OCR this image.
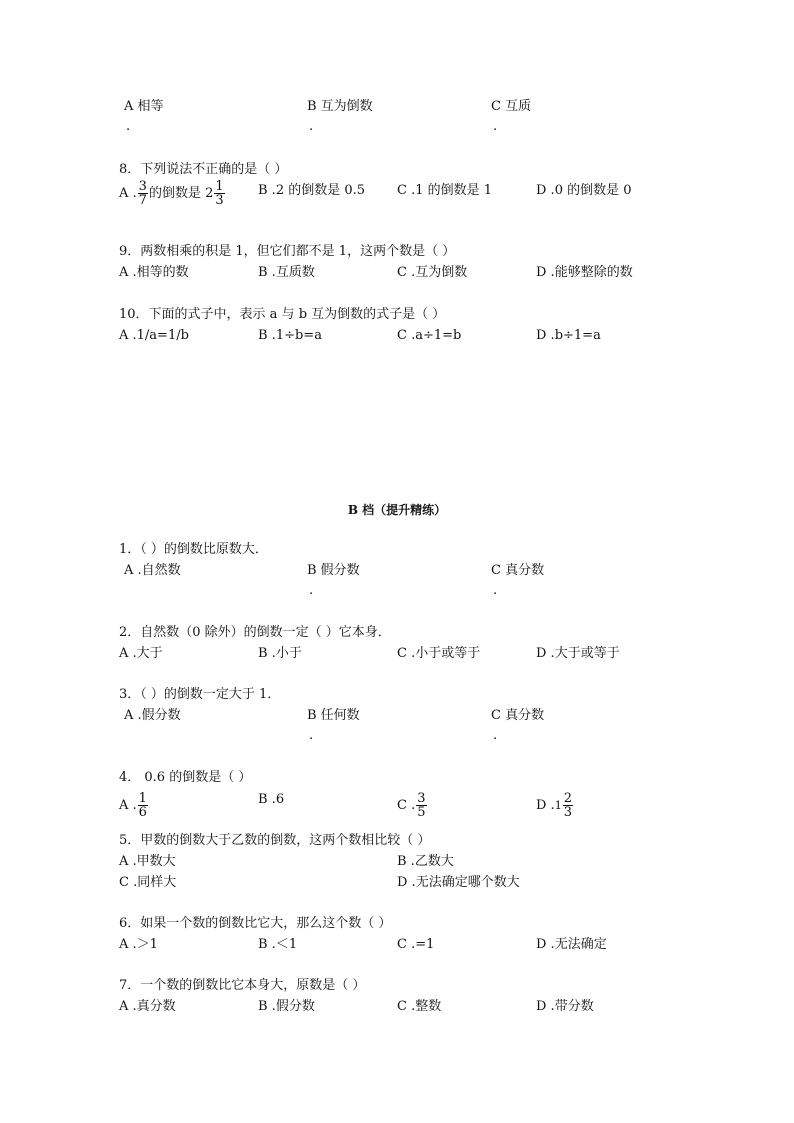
A 相等
.
B 互为倒数
.
C 互质
.
8．下列说法不正确的是（ ）
A . $\frac{3}{7}$ 的倒数是 $2 \frac{1}{3}$	B .2 的倒数是 0.5 C .1 的倒数是 1	D .0 的倒数是 0
9．两数相乘的积是 1，但它们都不是 1，这两个数是（ ）
A .相等的数	B .互质数	C .互为倒数	D .能够整除的数
10．下面的式子中，表示 a 与 b 互为倒数的式子是（ ）
A .1/a=1/b	B .1÷b=a	C .a÷1=b	D .b÷1=a
B 档（提升精练）
1．（ ）的倒数比原数大．
A .自然数	B 假分数
.
C 真分数
.
2．自然数（0 除外）的倒数一定（ ）它本身．
A .大于	B .小于	C .小于或等于	D .大于或等于
3．（ ）的倒数一定大于 1．
A .假分数	B 任何数
.
C 真分数
.
4． 0.6 的倒数是（ ）
A . $\frac{1}{6}$	B .6	C . $\frac{3}{5}$	D $.1 \frac{2}{3}$
5．甲数的倒数大于乙数的倒数，这两个数相比较（ ）
A .甲数大	B .乙数大
C .同样大	D .无法确定哪个数大
6．如果一个数的倒数比它大，那么这个数（ ）
A .＞1	B .＜1	C .=1	D .无法确定
7．一个数的倒数比它本身大，原数是（ ）
A .真分数	B .假分数	C .整数	D .带分数
